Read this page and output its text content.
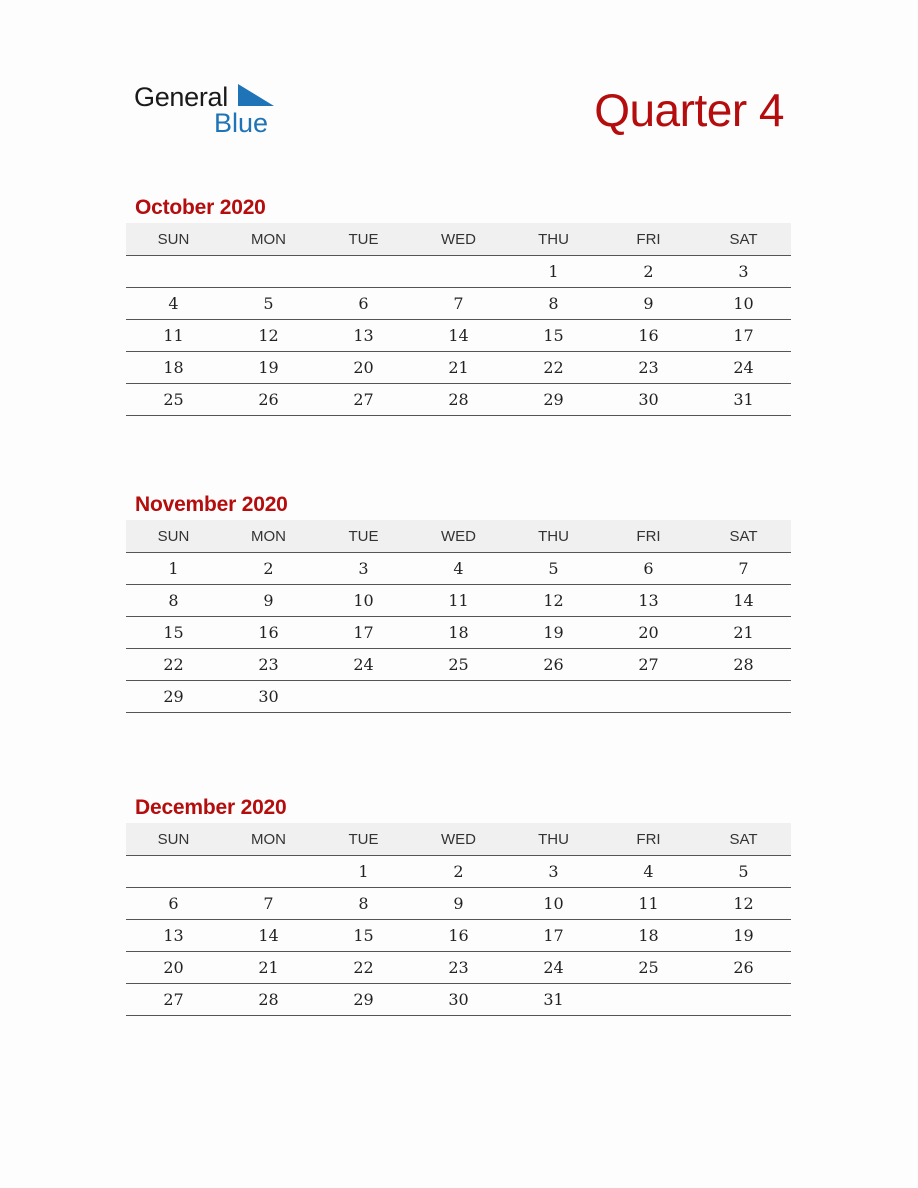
General
Blue	Quarter 4
October 2020
SUN	MON	TUE	WED	THU	FRI	SAT
				1	2	3
4	5	6	7	8	9	10
11	12	13	14	15	16	17
18	19	20	21	22	23	24
25	26	27	28	29	30	31
November 2020
SUN	MON	TUE	WED	THU	FRI	SAT
1	2	3	4	5	6	7
8	9	10	11	12	13	14
15	16	17	18	19	20	21
22	23	24	25	26	27	28
29	30					
December 2020
SUN	MON	TUE	WED	THU	FRI	SAT
		1	2	3	4	5
6	7	8	9	10	11	12
13	14	15	16	17	18	19
20	21	22	23	24	25	26
27	28	29	30	31		
